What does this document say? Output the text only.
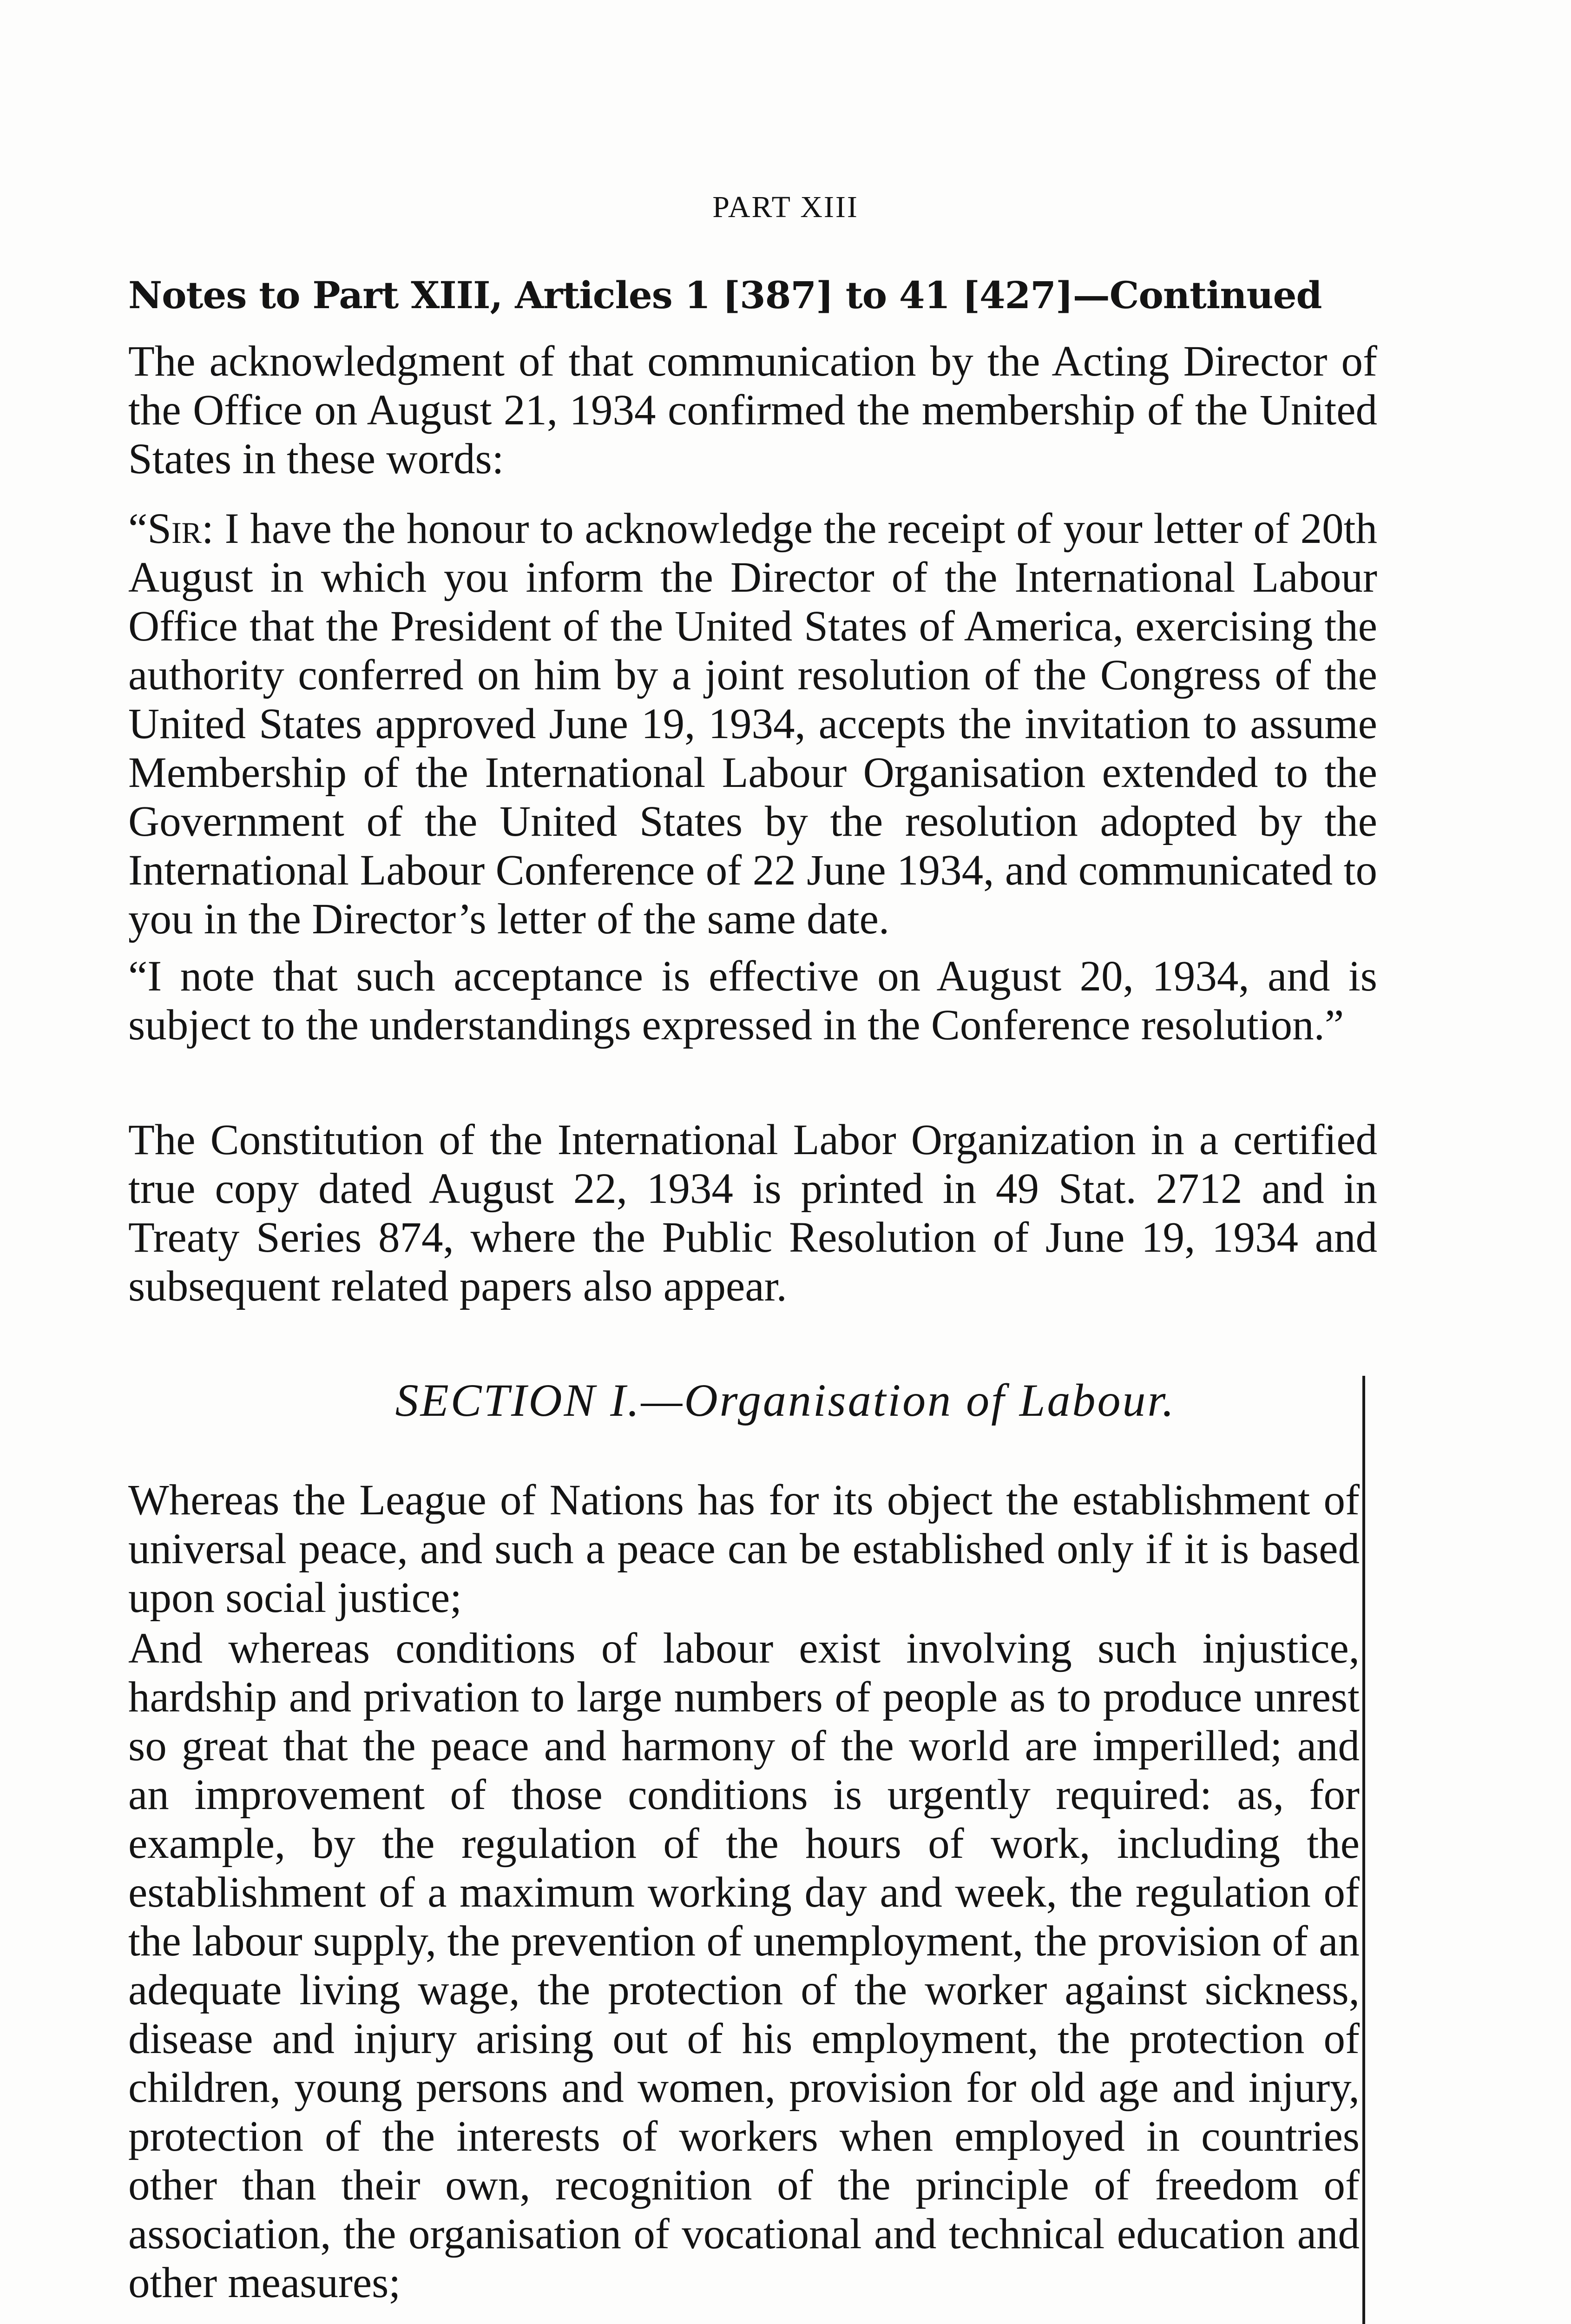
PART XIII
Notes to Part XIII, Articles 1 [387] to 41 [427]—Continued

The acknowledgment of that communication by the Acting Director of the Office on August 21, 1934 confirmed the membership of the United States in these words:

“Sir: I have the honour to acknowledge the receipt of your letter of 20th August in which you inform the Director of the International Labour Office that the President of the United States of America, exercising the authority conferred on him by a joint resolution of the Congress of the United States approved June 19, 1934, accepts the invitation to assume Membership of the International Labour Organisation extended to the Government of the United States by the resolution adopted by the International Labour Conference of 22 June 1934, and communicated to you in the Director’s letter of the same date.

“I note that such acceptance is effective on August 20, 1934, and is subject to the understandings expressed in the Conference resolution.”

The Constitution of the International Labor Organization in a certified true copy dated August 22, 1934 is printed in 49 Stat. 2712 and in Treaty Series 874, where the Public Resolution of June 19, 1934 and subsequent related papers also appear.

SECTION I.—Organisation of Labour.

Whereas the League of Nations has for its object the establishment of universal peace, and such a peace can be established only if it is based upon social justice;

And whereas conditions of labour exist involving such injustice, hardship and privation to large numbers of people as to produce unrest so great that the peace and harmony of the world are imperilled; and an improvement of those conditions is urgently required: as, for example, by the regulation of the hours of work, including the establishment of a maximum working day and week, the regulation of the labour supply, the prevention of unemployment, the provision of an adequate living wage, the protection of the worker against sickness, disease and injury arising out of his employment, the protection of children, young persons and women, provision for old age and injury, protection of the interests of workers when employed in countries other than their own, recognition of the principle of freedom of association, the organisation of vocational and technical education and other measures;
